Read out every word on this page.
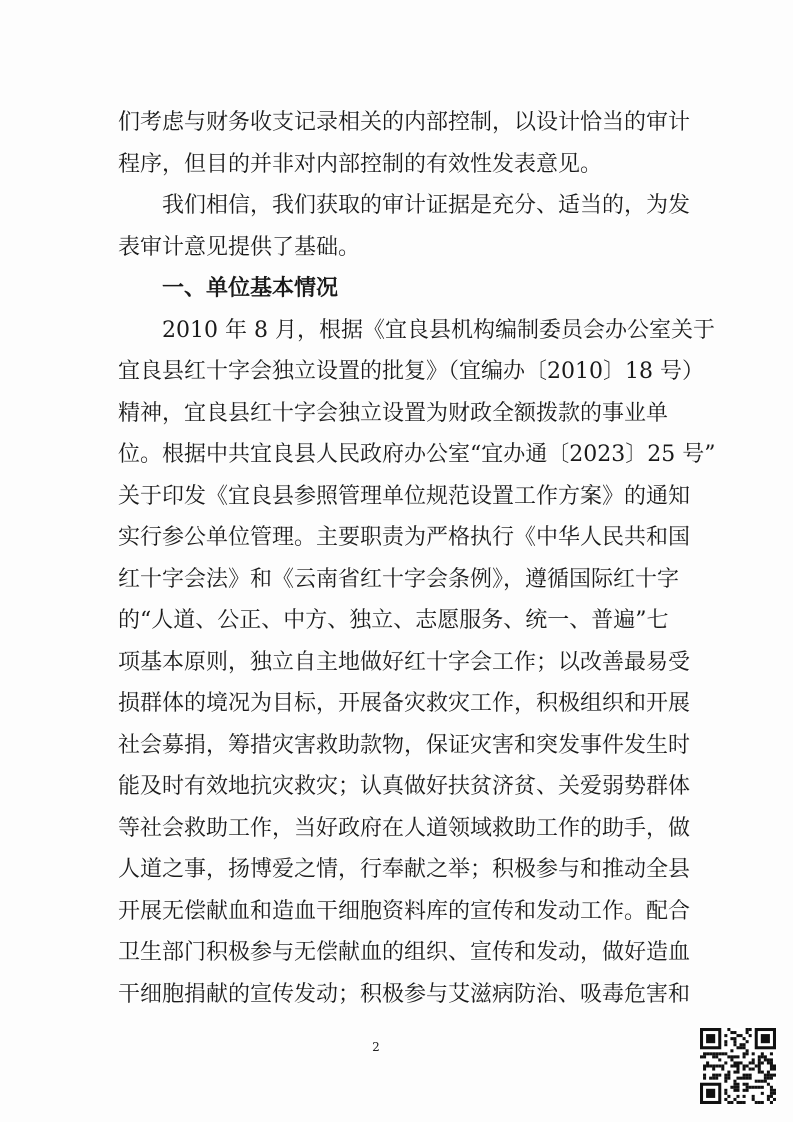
们考虑与财务收支记录相关的内部控制，以设计恰当的审计
程序，但目的并非对内部控制的有效性发表意见。
　　我们相信，我们获取的审计证据是充分、适当的，为发
表审计意见提供了基础。
　　一、单位基本情况
　　2010 年 8 月，根据《宜良县机构编制委员会办公室关于
宜良县红十字会独立设置的批复》（宜编办〔2010〕18 号）
精神，宜良县红十字会独立设置为财政全额拨款的事业单
位。根据中共宜良县人民政府办公室“宜办通〔2023〕25 号”
关于印发《宜良县参照管理单位规范设置工作方案》的通知
实行参公单位管理。主要职责为严格执行《中华人民共和国
红十字会法》和《云南省红十字会条例》，遵循国际红十字
的“人道、公正、中方、独立、志愿服务、统一、普遍”七
项基本原则，独立自主地做好红十字会工作；以改善最易受
损群体的境况为目标，开展备灾救灾工作，积极组织和开展
社会募捐，筹措灾害救助款物，保证灾害和突发事件发生时
能及时有效地抗灾救灾；认真做好扶贫济贫、关爱弱势群体
等社会救助工作，当好政府在人道领域救助工作的助手，做
人道之事，扬博爱之情，行奉献之举；积极参与和推动全县
开展无偿献血和造血干细胞资料库的宣传和发动工作。配合
卫生部门积极参与无偿献血的组织、宣传和发动，做好造血
干细胞捐献的宣传发动；积极参与艾滋病防治、吸毒危害和
2
